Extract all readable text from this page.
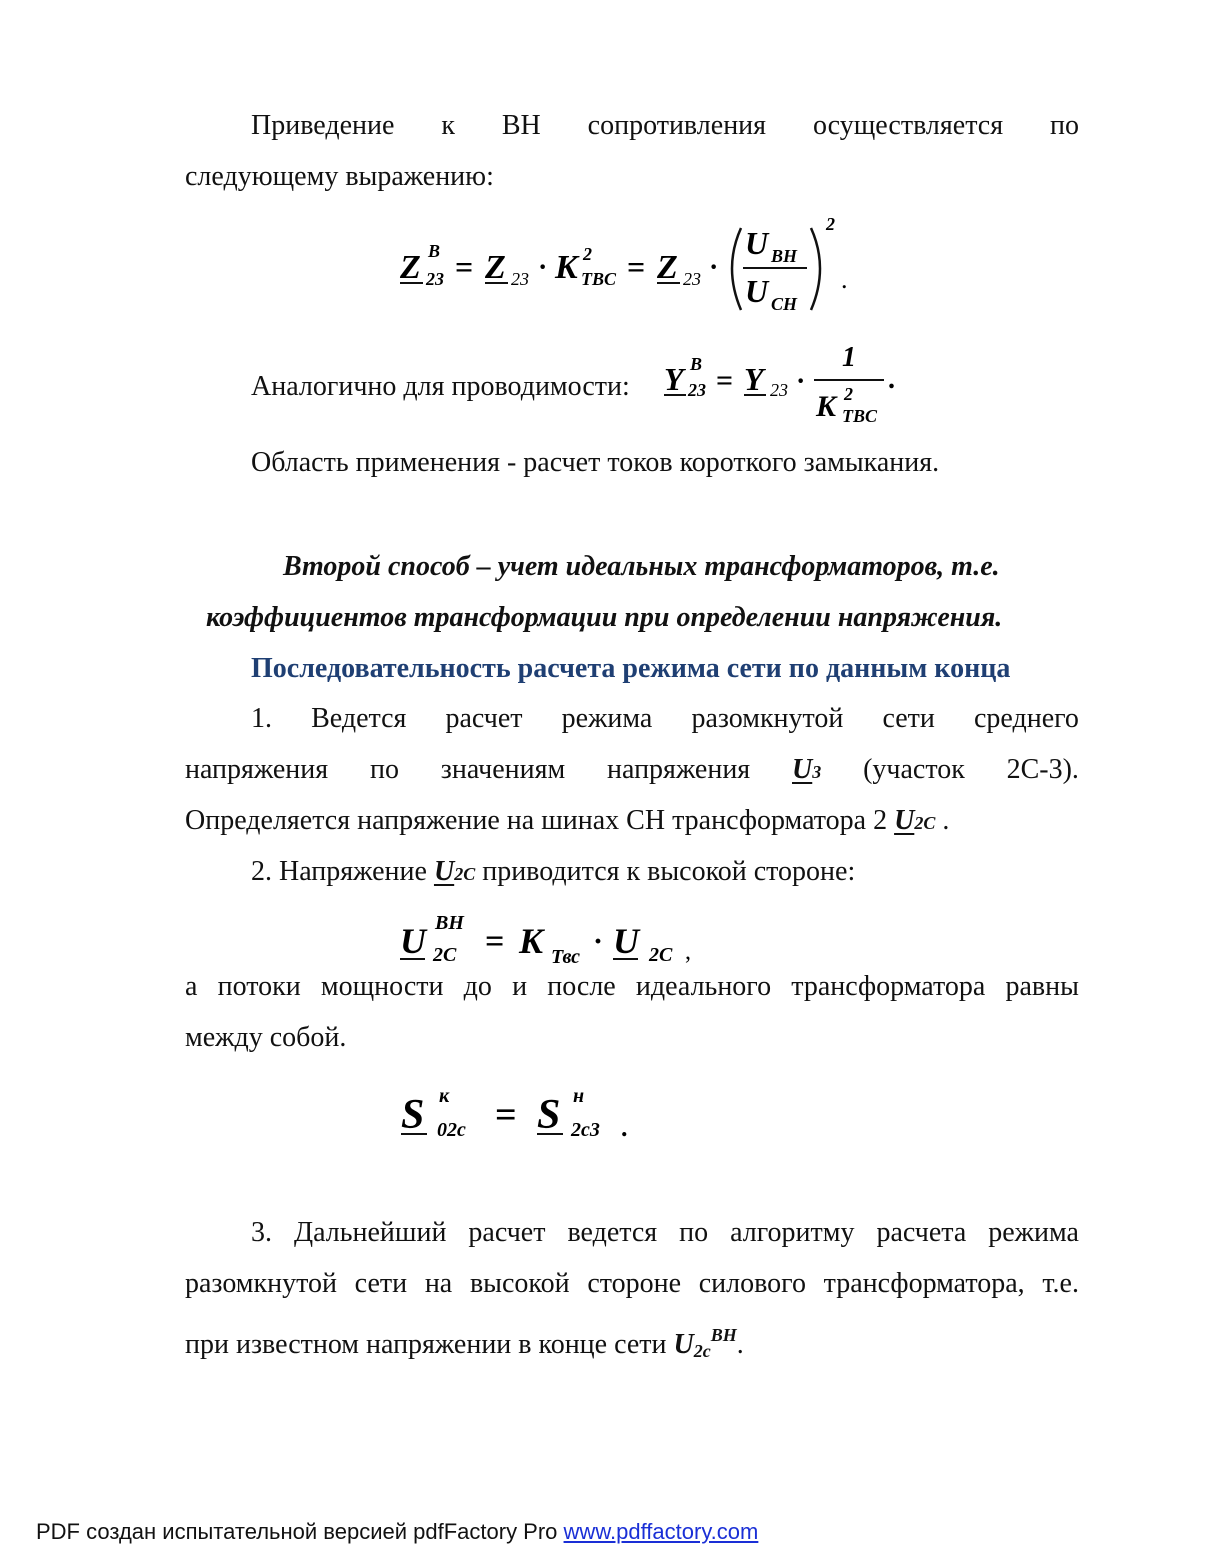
Приведение к ВН сопротивления осуществляется по
следующему выражению:
Z B
23 = Z 23 · K 2
TBC = Z 23 ·
U BH
U CH
2
.
Аналогично для проводимости: Y B
23 = Y 23 ·
1
K 2
TBC
.
Область применения - расчет токов короткого замыкания.
Второй способ – учет идеальных трансформаторов, т.е.
коэффициентов трансформации при определении напряжения.
Последовательность расчета режима сети по данным конца
1. Ведется расчет режима разомкнутой сети среднего
напряжения по значениям напряжения U3 (участок 2С-3).
Определяется напряжение на шинах СН трансформатора 2 U2C .
2. Напряжение U2C приводится к высокой стороне:
U BH
2C = K Твс · U 2C ,
а потоки мощности до и после идеального трансформатора равны
между собой.
S к
02c = S н
2c3 .
3. Дальнейший расчет ведется по алгоритму расчета режима
разомкнутой сети на высокой стороне силового трансформатора, т.е.
при известном напряжении в конце сети $U_{2c}^{BH}$.
PDF создан испытательной версией pdfFactory Pro www.pdffactory.com
